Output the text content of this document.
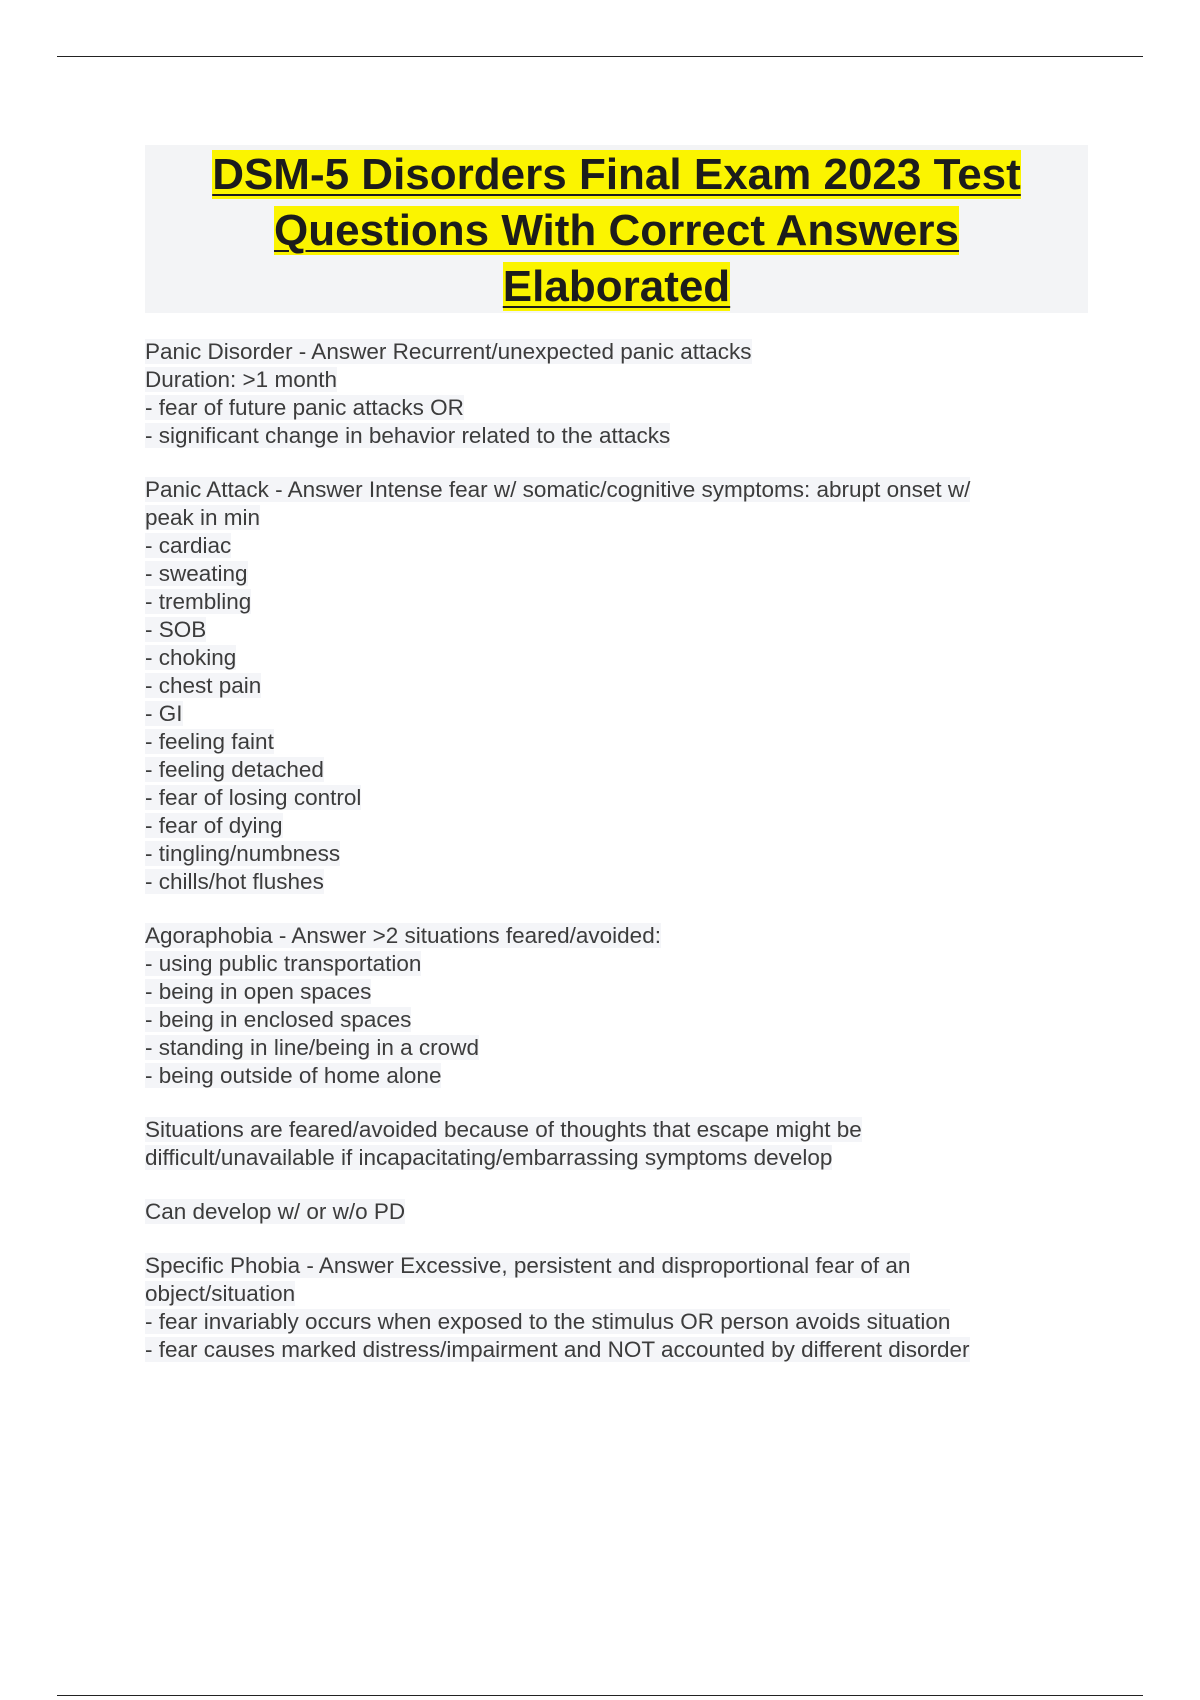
DSM-5 Disorders Final Exam 2023 Test
Questions With Correct Answers
Elaborated
Panic Disorder - Answer Recurrent/unexpected panic attacks
Duration: >1 month
- fear of future panic attacks OR
- significant change in behavior related to the attacks
Panic Attack - Answer Intense fear w/ somatic/cognitive symptoms: abrupt onset w/
peak in min
- cardiac
- sweating
- trembling
- SOB
- choking
- chest pain
- GI
- feeling faint
- feeling detached
- fear of losing control
- fear of dying
- tingling/numbness
- chills/hot flushes
Agoraphobia - Answer >2 situations feared/avoided:
- using public transportation
- being in open spaces
- being in enclosed spaces
- standing in line/being in a crowd
- being outside of home alone
Situations are feared/avoided because of thoughts that escape might be
difficult/unavailable if incapacitating/embarrassing symptoms develop
Can develop w/ or w/o PD
Specific Phobia - Answer Excessive, persistent and disproportional fear of an
object/situation
- fear invariably occurs when exposed to the stimulus OR person avoids situation
- fear causes marked distress/impairment and NOT accounted by different disorder
